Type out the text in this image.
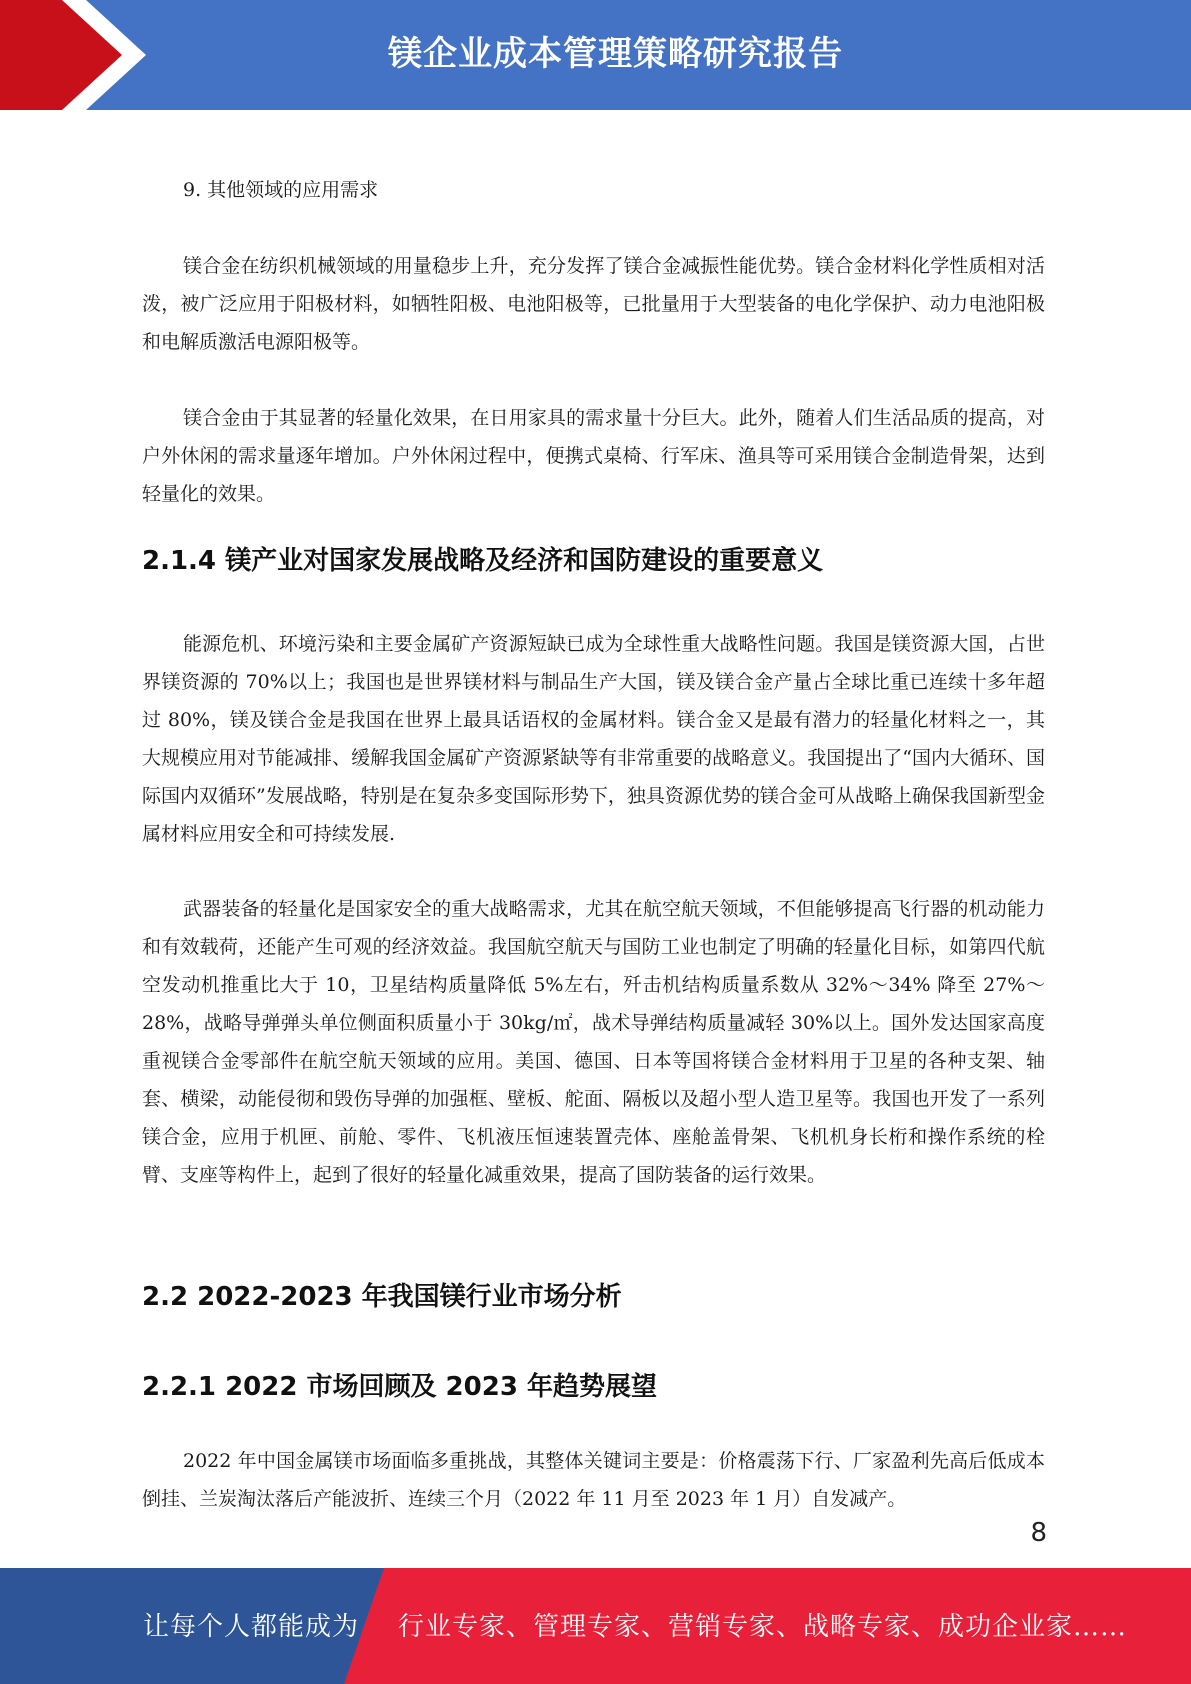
镁企业成本管理策略研究报告

9. 其他领域的应用需求

镁合金在纺织机械领域的用量稳步上升，充分发挥了镁合金减振性能优势。镁合金材料化学性质相对活泼，被广泛应用于阳极材料，如牺牲阳极、电池阳极等，已批量用于大型装备的电化学保护、动力电池阳极和电解质激活电源阳极等。

镁合金由于其显著的轻量化效果，在日用家具的需求量十分巨大。此外，随着人们生活品质的提高，对户外休闲的需求量逐年增加。户外休闲过程中，便携式桌椅、行军床、渔具等可采用镁合金制造骨架，达到轻量化的效果。

2.1.4 镁产业对国家发展战略及经济和国防建设的重要意义

能源危机、环境污染和主要金属矿产资源短缺已成为全球性重大战略性问题。我国是镁资源大国，占世界镁资源的 70%以上；我国也是世界镁材料与制品生产大国，镁及镁合金产量占全球比重已连续十多年超过 80%，镁及镁合金是我国在世界上最具话语权的金属材料。镁合金又是最有潜力的轻量化材料之一，其大规模应用对节能减排、缓解我国金属矿产资源紧缺等有非常重要的战略意义。我国提出了“国内大循环、国际国内双循环”发展战略，特别是在复杂多变国际形势下，独具资源优势的镁合金可从战略上确保我国新型金属材料应用安全和可持续发展.

武器装备的轻量化是国家安全的重大战略需求，尤其在航空航天领域，不但能够提高飞行器的机动能力和有效载荷，还能产生可观的经济效益。我国航空航天与国防工业也制定了明确的轻量化目标，如第四代航空发动机推重比大于 10，卫星结构质量降低 5%左右，歼击机结构质量系数从 32%～34% 降至 27%～28%，战略导弹弹头单位侧面积质量小于 30kg/㎡，战术导弹结构质量减轻 30%以上。国外发达国家高度重视镁合金零部件在航空航天领域的应用。美国、德国、日本等国将镁合金材料用于卫星的各种支架、轴套、横梁，动能侵彻和毁伤导弹的加强框、壁板、舵面、隔板以及超小型人造卫星等。我国也开发了一系列镁合金，应用于机匣、前舱、零件、飞机液压恒速装置壳体、座舱盖骨架、飞机机身长桁和操作系统的栓臂、支座等构件上，起到了很好的轻量化减重效果，提高了国防装备的运行效果。

2.2 2022-2023 年我国镁行业市场分析
2.2.1 2022 市场回顾及 2023 年趋势展望

2022 年中国金属镁市场面临多重挑战，其整体关键词主要是：价格震荡下行、厂家盈利先高后低成本倒挂、兰炭淘汰落后产能波折、连续三个月（2022 年 11 月至 2023 年 1 月）自发减产。

8
让每个人都能成为 行业专家、管理专家、营销专家、战略专家、成功企业家……
